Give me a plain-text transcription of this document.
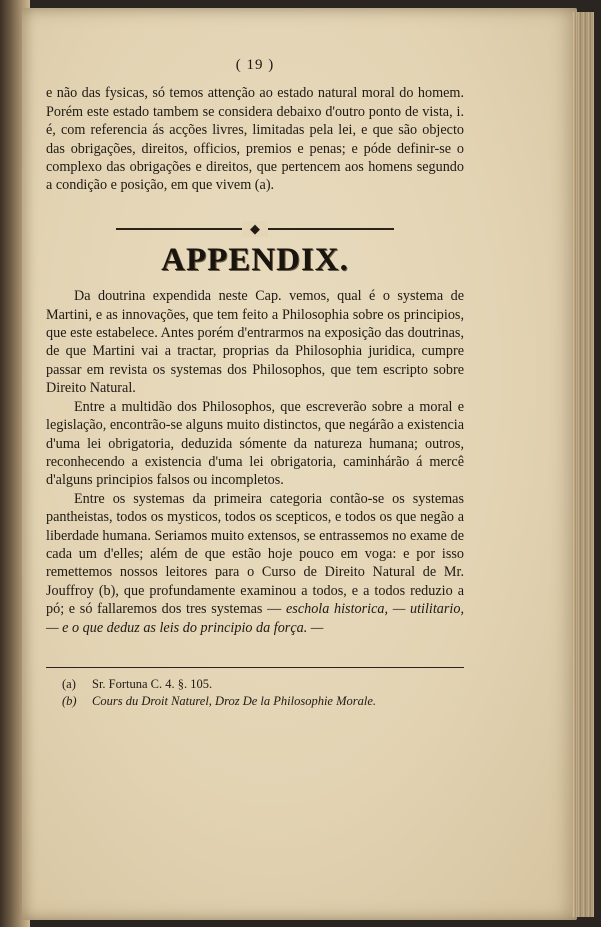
( 19 )

e não das fysicas, só temos attenção ao estado natural moral do homem. Porém este estado tambem se considera debaixo d'outro ponto de vista, i. é, com referencia ás acções livres, limitadas pela lei, e que são objecto das obrigações, direitos, officios, premios e penas; e póde definir-se o complexo das obrigações e direitos, que pertencem aos homens segundo a condição e posição, em que vivem (a).

◆
APPENDIX.

Da doutrina expendida neste Cap. vemos, qual é o systema de Martini, e as innovações, que tem feito a Philosophia sobre os principios, que este estabelece. Antes porém d'entrarmos na exposição das doutrinas, de que Martini vai a tractar, proprias da Philosophia juridica, cumpre passar em revista os systemas dos Philosophos, que tem escripto sobre Direito Natural.

Entre a multidão dos Philosophos, que escreverão sobre a moral e legislação, encontrão-se alguns muito distinctos, que negárão a existencia d'uma lei obrigatoria, deduzida sómente da natureza humana; outros, reconhecendo a existencia d'uma lei obrigatoria, caminhárão á mercê d'alguns principios falsos ou incompletos.

Entre os systemas da primeira categoria contão-se os systemas pantheistas, todos os mysticos, todos os scepticos, e todos os que negão a liberdade humana. Seriamos muito extensos, se entrassemos no exame de cada um d'elles; além de que estão hoje pouco em voga: e por isso remettemos nossos leitores para o Curso de Direito Natural de Mr. Jouffroy (b), que profundamente examinou a todos, e a todos reduzio a pó; e só fallaremos dos tres systemas — escholа historica, — utilitario, — e o que deduz as leis do principio da força. —

(a) Sr. Fortuna C. 4. §. 105.
(b) Cours du Droit Naturel, Droz De la Philosophie Morale.
